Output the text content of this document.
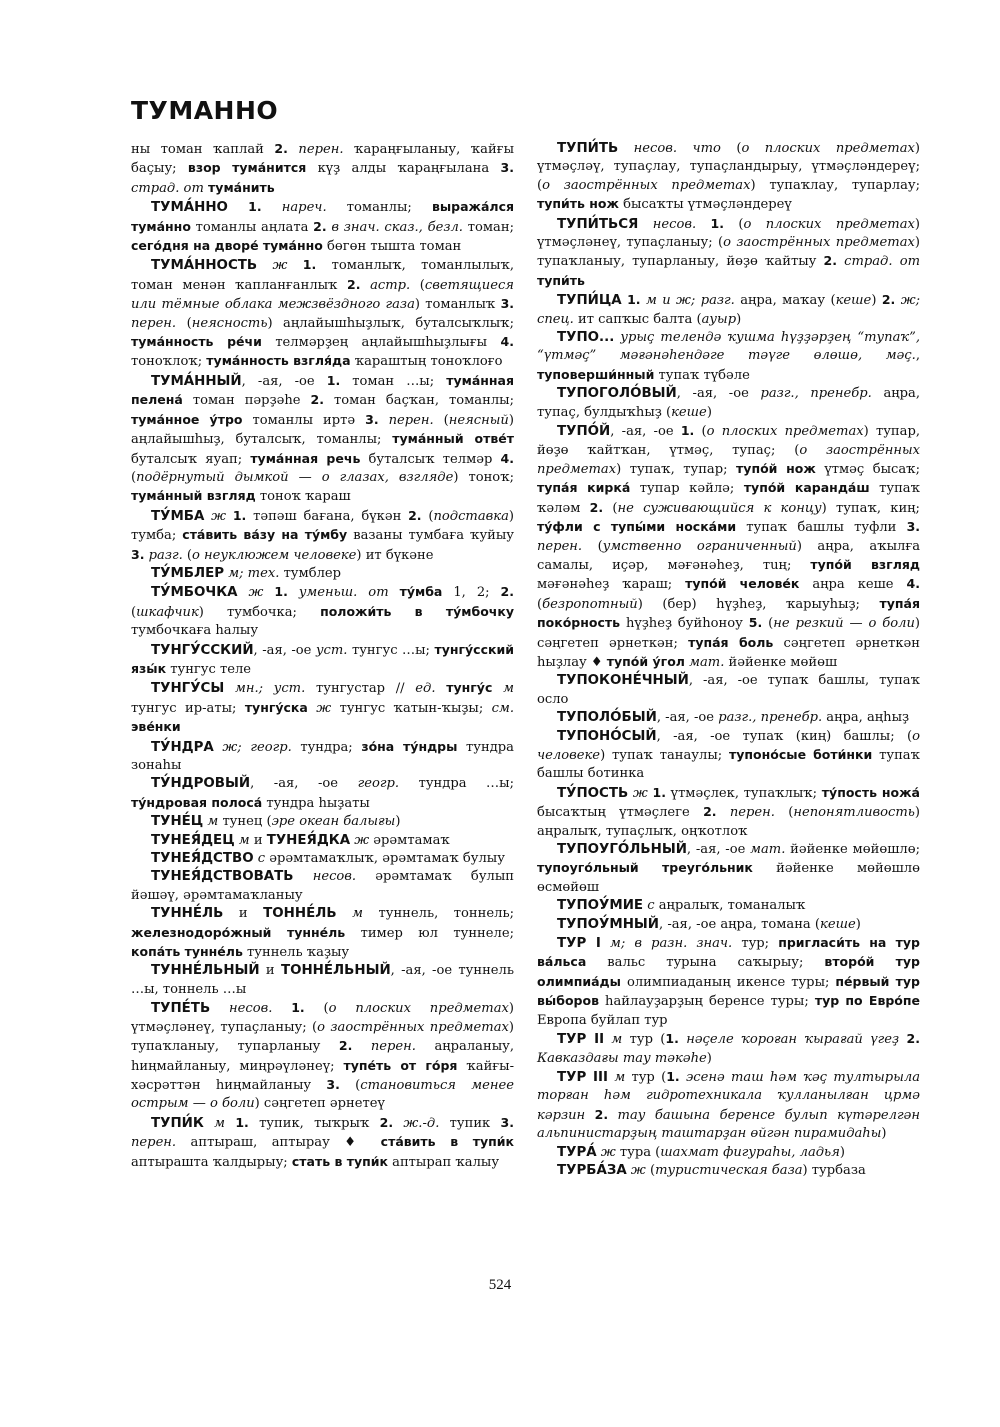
ТУМАННО

ны томан ҡаплай 2. перен. ҡараңғыланыу, ҡайғы баҫыу; взор тума́нится күҙ алды ҡараңғылана 3. страд. от тума́нить

ТУМА́ННО 1. нареч. томанлы; выража́лся тума́нно томанлы аңлата 2. в знач. сказ., безл. томан; сего́дня на дворе́ тума́нно бөгөн тышта томан

ТУМА́ННОСТЬ ж 1. томанлыҡ, томанлылыҡ, томан менән ҡапланғанлыҡ 2. астр. (светящиеся или тёмные облака межзвёздного газа) томанлыҡ 3. перен. (неясность) аңлайышһыҙлыҡ, буталсыҡлыҡ; тума́нность ре́чи телмәрҙең аңлайышһыҙлығы 4. тоноҡлоҡ; тума́нность взгля́да ҡараштың тоноҡлоғо

ТУМА́ННЫЙ, -ая, -ое 1. томан …ы; тума́нная пелена́ томан пәрҙәһе 2. томан баҫҡан, томанлы; тума́нное у́тро томанлы иртә 3. перен. (неясный) аңлайышһыҙ, буталсыҡ, томанлы; тума́нный отве́т буталсыҡ яуап; тума́нная речь буталсыҡ телмәр 4. (подёрнутый дымкой — о глазах, взгляде) тоноҡ; тума́нный взгляд тоноҡ ҡараш

ТУ́МБА ж 1. тәпәш бағана, бүкән 2. (подставка) тумба; ста́вить ва́зу на ту́мбу вазаны тумбаға ҡуйыу 3. разг. (о неуклюжем человеке) ит бүкәне

ТУ́МБЛЕР м; тех. тумблер

ТУ́МБОЧКА ж 1. уменьш. от ту́мба 1, 2; 2. (шкафчик) тумбочка; положи́ть в ту́мбочку тумбочкаға һалыу

ТУНГУ́ССКИЙ, -ая, -ое уст. тунгус …ы; тунгу́сский язы́к тунгус теле

ТУНГУ́СЫ мн.; уст. тунгустар // ед. тунгу́с м тунгус ир-аты; тунгу́ска ж тунгус ҡатын-ҡыҙы; см. эве́нки

ТУ́НДРА ж; геогр. тундра; зо́на ту́ндры тундра зонаһы

ТУ́НДРОВЫЙ, -ая, -ое геогр. тундра …ы; ту́ндровая полоса́ тундра һыҙаты

ТУНЕ́Ц м тунец (эре океан балығы)

ТУНЕЯ́ДЕЦ м и ТУНЕЯ́ДКА ж әрәмтамаҡ

ТУНЕЯ́ДСТВО с әрәмтамаҡлыҡ, әрәмтамаҡ булыу

ТУНЕЯ́ДСТВОВАТЬ несов. әрәмтамаҡ булып йәшәү, әрәмтамаҡланыу

ТУННЕ́ЛЬ и ТОННЕ́ЛЬ м туннель, тоннель; железнодоро́жный тунне́ль тимер юл туннеле; копа́ть тунне́ль туннель ҡаҙыу

ТУННЕ́ЛЬНЫЙ и ТОННЕ́ЛЬНЫЙ, -ая, -ое туннель …ы, тоннель …ы

ТУПЕ́ТЬ несов. 1. (о плоских предметах) үтмәҫләнеү, тупаҫланыу; (о заострённых предметах) тупаҡланыу, тупарланыу 2. перен. аңраланыу, һиңмайланыу, миңрәүләнеү; тупе́ть от го́ря ҡайғы-хәсрәттән һиңмайланыу 3. (становиться менее острым — о боли) сәңгетеп әрнетеү

ТУПИ́К м 1. тупик, тыҡрыҡ 2. ж.-д. тупик 3. перен. аптыраш, аптырау ♦ ста́вить в тупи́к аптырашта ҡалдырыу; стать в тупи́к аптырап ҡалыу

ТУПИ́ТЬ несов. что (о плоских предметах) үтмәҫләү, тупаҫлау, тупаҫландырыу, үтмәҫләндереү; (о заострённых предметах) тупаҡлау, тупарлау; тупи́ть нож бысаҡты үтмәҫләндереү

ТУПИ́ТЬСЯ несов. 1. (о плоских предметах) үтмәҫләнеү, тупаҫланыу; (о заострённых предметах) тупаҡланыу, тупарланыу, йөҙө ҡайтыу 2. страд. от тупи́ть

ТУПИ́ЦА 1. м и ж; разг. аңра, маҡау (кеше) 2. ж; спец. ит сапҡыс балта (ауыр)

ТУПО... урыҫ телендә ҡушма һүҙҙәрҙең “тупаҡ”, “үтмәҫ” мәғәнәһендәге тәүге өлөшө, мәҫ., туповерши́нный тупаҡ түбәле

ТУПОГОЛО́ВЫЙ, -ая, -ое разг., пренебр. аңра, тупаҫ, булдыҡһыҙ (кеше)

ТУПО́Й, -ая, -ое 1. (о плоских предметах) тупар, йөҙө ҡайтҡан, үтмәҫ, тупаҫ; (о заострённых предметах) тупаҡ, тупар; тупо́й нож үтмәҫ бысаҡ; тупа́я кирка́ тупар кәйлә; тупо́й каранда́ш тупаҡ ҡәләм 2. (не суживающийся к концу) тупаҡ, киң; ту́фли с тупы́ми носка́ми тупаҡ башлы туфли 3. перен. (умственно ограниченный) аңра, аҡылға самалы, иҫәр, мәғәнәһеҙ, тuң; тупо́й взгляд мәғәнәһеҙ ҡараш; тупо́й челове́к аңра кеше 4. (безропотный) (бер) һүҙһеҙ, ҡарыуһыҙ; тупа́я поко́рность һүҙһеҙ буйһоноу 5. (не резкий — о боли) сәңгетеп әрнеткән; тупа́я боль сәңгетеп әрнеткән һыҙлау ♦ тупо́й у́гол мат. йәйенке мөйөш

ТУПОКОНЕ́ЧНЫЙ, -ая, -ое тупаҡ башлы, тупаҡ осло

ТУПОЛО́БЫЙ, -ая, -ое разг., пренебр. аңра, аңһыҙ

ТУПОНО́СЫЙ, -ая, -ое тупаҡ (киң) башлы; (о человеке) тупаҡ танаулы; тупоно́сые боти́нки тупаҡ башлы ботинка

ТУ́ПОСТЬ ж 1. үтмәҫлек, тупаҡлыҡ; ту́пость ножа́ бысаҡтың үтмәҫлеге 2. перен. (непонятливость) аңралыҡ, тупаҫлыҡ, оңҡотлоҡ

ТУПОУГО́ЛЬНЫЙ, -ая, -ое мат. йәйенке мөйөшлө; тупоуго́льный треуго́льник йәйенке мөйөшлө өсмөйөш

ТУПОУ́МИЕ с аңралыҡ, томаналыҡ

ТУПОУ́МНЫЙ, -ая, -ое аңра, томана (кеше)

ТУР I м; в разн. знач. тур; пригласи́ть на тур ва́льса вальс турына саҡырыу; второ́й тур олимпиа́ды олимпиаданың икенсе туры; пе́рвый тур вы́боров һайлауҙарҙың беренсе туры; тур по Евро́пе Европа буйлап тур

ТУР II м тур (1. нәҫеле ҡороған ҡырағай үгеҙ 2. Кавказдағы тау тәкәһе)

ТУР III м тур (1. эсенә таш һәм ҡәҫ тултырыла торған һәм гидротехникала ҡулланылған црмә кәрзин 2. тау башына беренсе булып күтәрелгән альпинистарҙың таштарҙан өйгән пирамидаһы)

ТУРА́ ж тура (шахмат фигураһы, ладья)

ТУРБА́ЗА ж (туристическая база) турбаза

524
